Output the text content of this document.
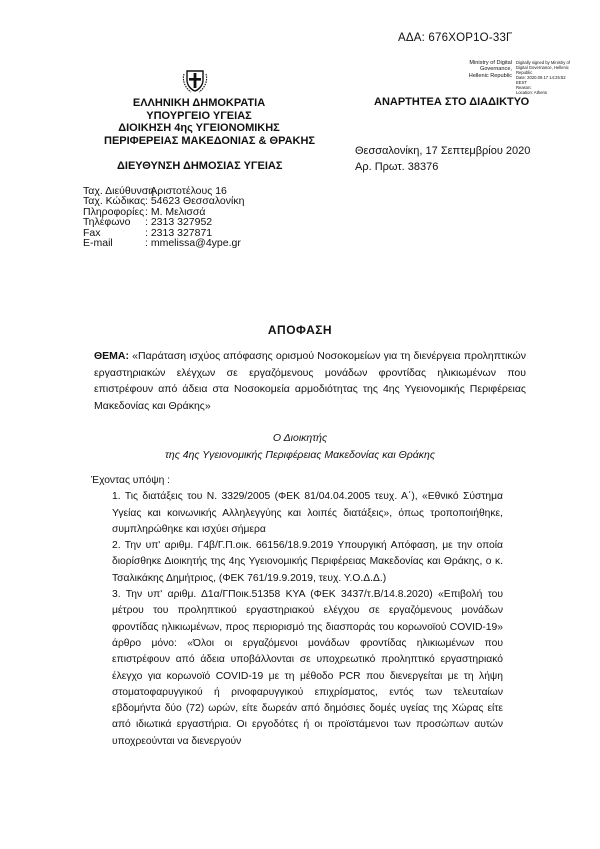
ΑΔΑ: 676ΧΟΡ1Ο-33Γ
Ministry of Digital
Governance,
Hellenic Republic
Digitally signed by Ministry of
Digital Governance, Hellenic
Republic
Date: 2020.09.17 14:25:52
EEST
Reason:
Location: Athens
ΑΝΑΡΤΗΤΕΑ ΣΤΟ ΔΙΑΔΙΚΤΥΟ
ΕΛΛΗΝΙΚΗ ΔΗΜΟΚΡΑΤΙΑ
ΥΠΟΥΡΓΕΙΟ ΥΓΕΙΑΣ
ΔΙΟΙΚΗΣΗ 4ης ΥΓΕΙΟΝΟΜΙΚΗΣ
ΠΕΡΙΦΕΡΕΙΑΣ ΜΑΚΕΔΟΝΙΑΣ & ΘΡΑΚΗΣ
ΔΙΕΥΘΥΝΣΗ ΔΗΜΟΣΙΑΣ ΥΓΕΙΑΣ
Θεσσαλονίκη, 17 Σεπτεμβρίου 2020
Αρ. Πρωτ. 38376
Ταχ. Διεύθυνση: Αριστοτέλους 16
Ταχ. Κώδικας: 54623 Θεσσαλονίκη
Πληροφορίες: Μ. Μελισσά
Τηλέφωνο : 2313 327952
Fax	: 2313 327871
E-mail	: mmelissa@4ype.gr
ΑΠΟΦΑΣΗ
ΘΕΜΑ: «Παράταση ισχύος απόφασης ορισμού Νοσοκομείων για τη διενέργεια προληπτικών εργαστηριακών ελέγχων σε εργαζόμενους μονάδων φροντίδας ηλικιωμένων που επιστρέφουν από άδεια στα Νοσοκομεία αρμοδιότητας της 4ης Υγειονομικής Περιφέρειας Μακεδονίας και Θράκης»
Ο Διοικητής
της 4ης Υγειονομικής Περιφέρειας Μακεδονίας και Θράκης

Έχοντας υπόψη :

1. Τις διατάξεις του Ν. 3329/2005 (ΦΕΚ 81/04.04.2005 τευχ. Α΄), «Εθνικό Σύστημα Υγείας και κοινωνικής Αλληλεγγύης και λοιπές διατάξεις», όπως τροποποιήθηκε, συμπληρώθηκε και ισχύει σήμερα

2. Την υπ' αριθμ. Γ4β/Γ.Π.οικ. 66156/18.9.2019 Υπουργική Απόφαση, με την οποία διορίσθηκε Διοικητής της 4ης Υγειονομικής Περιφέρειας Μακεδονίας και Θράκης, ο κ. Τσαλικάκης Δημήτριος, (ΦΕΚ 761/19.9.2019, τευχ. Υ.Ο.Δ.Δ.)

3. Την υπ' αριθμ. Δ1α/ΓΠοικ.51358 ΚΥΑ (ΦΕΚ 3437/τ.Β/14.8.2020) «Επιβολή του μέτρου του προληπτικού εργαστηριακού ελέγχου σε εργαζόμενους μονάδων φροντίδας ηλικιωμένων, προς περιορισμό της διασποράς του κορωνοϊού COVID-19» άρθρο μόνο: «Όλοι οι εργαζόμενοι μονάδων φροντίδας ηλικιωμένων που επιστρέφουν από άδεια υποβάλλονται σε υποχρεωτικό προληπτικό εργαστηριακό έλεγχο για κορωνοϊό COVID-19 με τη μέθοδο PCR που διενεργείται με τη λήψη στοματοφαρυγγικού ή ρινοφαρυγγικού επιχρίσματος, εντός των τελευταίων εβδομήντα δύο (72) ωρών, είτε δωρεάν από δημόσιες δομές υγείας της Χώρας είτε από ιδιωτικά εργαστήρια. Οι εργοδότες ή οι προϊστάμενοι των προσώπων αυτών υποχρεούνται να διενεργούν
